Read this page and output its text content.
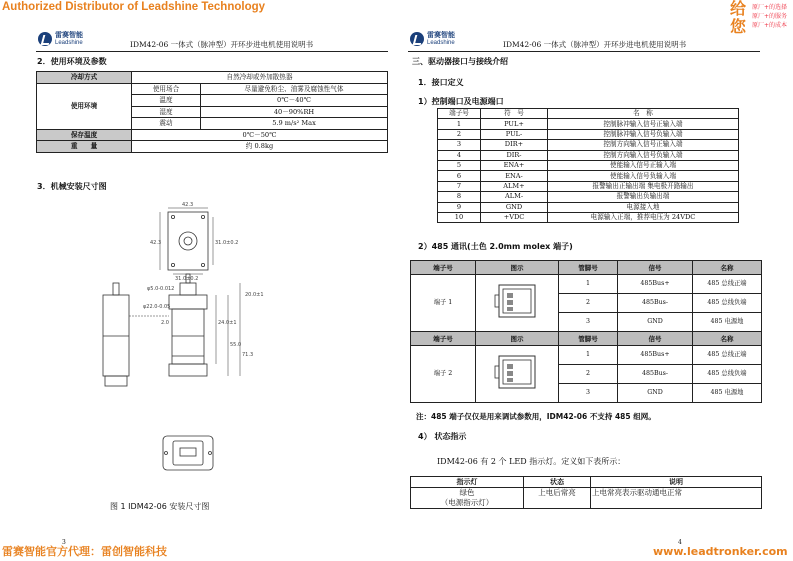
Authorized Distributor of Leadshine Technology	给
您
原厂+的选择
原厂+的服务
原厂+的成本
雷赛智能
Leadshine	IDM42-06 一体式（脉冲型）开环步进电机使用说明书
2．使用环境及参数
冷却方式	自然冷却或外加散热器	
使用环境	使用场合	尽量避免粉尘、油雾及腐蚀性气体
	温度	0℃－40℃
	湿度	40－90%RH
	震动	5.9 m/s² Max
保存温度	0℃－50℃	
重　　量	约 0.8kg	
3．机械安装尺寸图
42.3
31.0±0.2
42.3
31.0±0.2
φ5.0-0.012
φ22.0-0.05
2.0	24.0±1
55.0
71.3
20.0±1
图 1 IDM42-06 安装尺寸图
3
雷赛智能
Leadshine	IDM42-06 一体式（脉冲型）开环步进电机使用说明书
三、驱动器接口与接线介绍
1．接口定义
1）控制端口及电源端口
端子号	符　号	名　称
1	PUL+	控制脉冲输入信号正输入端
2	PUL-	控制脉冲输入信号负输入端
3	DIR+	控制方向输入信号正输入端
4	DIR-	控制方向输入信号负输入端
5	ENA+	使能输入信号正输入端
6	ENA-	使能输入信号负输入端
7	ALM+	报警输出正输出端 集电极开路输出
8	ALM-	报警输出负输出端
9	GND	电源接入地
10	+VDC	电源输入正端，推荐电压为 24VDC
2）485 通讯(土色 2.0mm molex 端子)
端子号	图示	管脚号	信号	名称
端子 1		1	485Bus+	485 总线正端
		2	485Bus-	485 总线负端
		3	GND	485 电源地
端子号	图示	管脚号	信号	名称
端子 2		1	485Bus+	485 总线正端
		2	485Bus-	485 总线负端
		3	GND	485 电源地
注：485 端子仅仅是用来调试参数用，IDM42-06 不支持 485 组网。
4） 状态指示
IDM42-06 有 2 个 LED 指示灯。定义如下表所示：
指示灯	状态	说明

绿色
（电源指示灯）	上电后常亮	上电常亮表示驱动通电正常
4
雷赛智能官方代理：雷创智能科技	www.leadtronker.com
